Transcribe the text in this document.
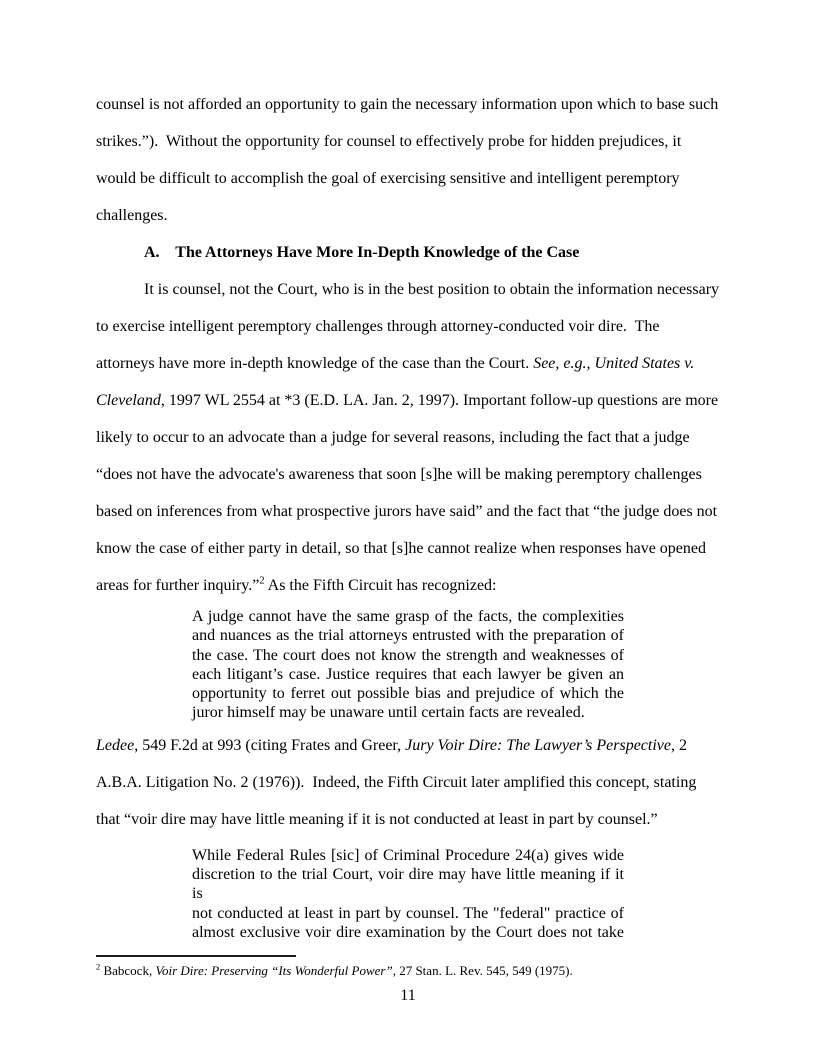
counsel is not afforded an opportunity to gain the necessary information upon which to base such
strikes.”).  Without the opportunity for counsel to effectively probe for hidden prejudices, it
would be difficult to accomplish the goal of exercising sensitive and intelligent peremptory
challenges.
A.    The Attorneys Have More In-Depth Knowledge of the Case
It is counsel, not the Court, who is in the best position to obtain the information necessary
to exercise intelligent peremptory challenges through attorney-conducted voir dire.  The
attorneys have more in-depth knowledge of the case than the Court. See, e.g., United States v.
Cleveland, 1997 WL 2554 at *3 (E.D. LA. Jan. 2, 1997). Important follow-up questions are more
likely to occur to an advocate than a judge for several reasons, including the fact that a judge
“does not have the advocate's awareness that soon [s]he will be making peremptory challenges
based on inferences from what prospective jurors have said” and the fact that “the judge does not
know the case of either party in detail, so that [s]he cannot realize when responses have opened
areas for further inquiry.”$^2$ As the Fifth Circuit has recognized:
A judge cannot have the same grasp of the facts, the complexities
and nuances as the trial attorneys entrusted with the preparation of
the case. The court does not know the strength and weaknesses of
each litigant’s case. Justice requires that each lawyer be given an
opportunity to ferret out possible bias and prejudice of which the
juror himself may be unaware until certain facts are revealed.
Ledee, 549 F.2d at 993 (citing Frates and Greer, Jury Voir Dire: The Lawyer’s Perspective, 2
A.B.A. Litigation No. 2 (1976)).  Indeed, the Fifth Circuit later amplified this concept, stating
that “voir dire may have little meaning if it is not conducted at least in part by counsel.”
While Federal Rules [sic] of Criminal Procedure 24(a) gives wide
discretion to the trial Court, voir dire may have little meaning if it is
not conducted at least in part by counsel. The "federal" practice of
almost exclusive voir dire examination by the Court does not take
$^2$ Babcock, Voir Dire: Preserving “Its Wonderful Power”, 27 Stan. L. Rev. 545, 549 (1975).
11
